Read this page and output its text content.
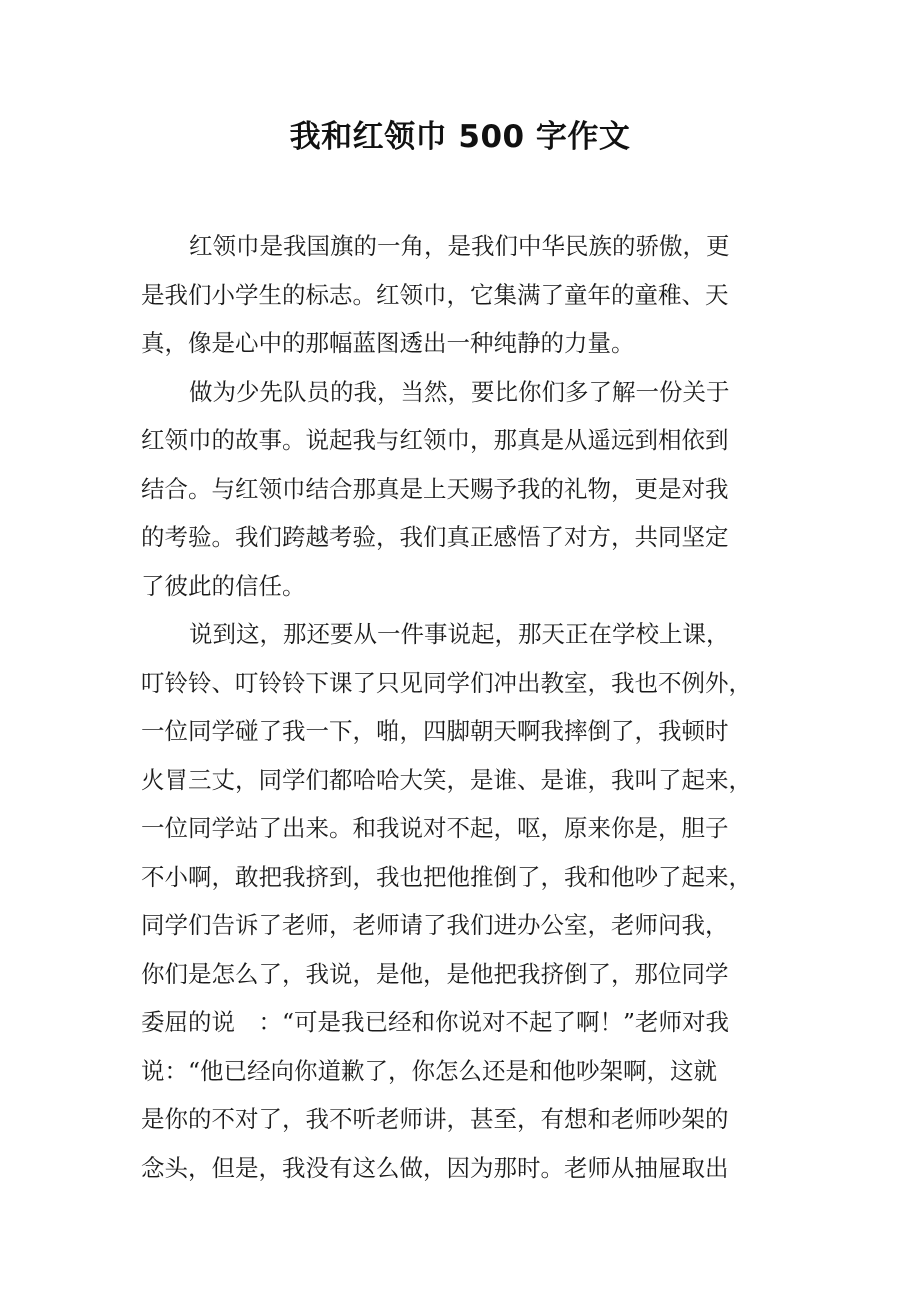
我和红领巾 500 字作文
红领巾是我国旗的一角，是我们中华民族的骄傲，更
是我们小学生的标志。红领巾，它集满了童年的童稚、天
真，像是心中的那幅蓝图透出一种纯静的力量。
做为少先队员的我，当然，要比你们多了解一份关于
红领巾的故事。说起我与红领巾，那真是从遥远到相依到
结合。与红领巾结合那真是上天赐予我的礼物，更是对我
的考验。我们跨越考验，我们真正感悟了对方，共同坚定
了彼此的信任。
说到这，那还要从一件事说起，那天正在学校上课，
叮铃铃、叮铃铃下课了只见同学们冲出教室，我也不例外，
一位同学碰了我一下，啪，四脚朝天啊我摔倒了，我顿时
火冒三丈，同学们都哈哈大笑，是谁、是谁，我叫了起来，
一位同学站了出来。和我说对不起，呕，原来你是，胆子
不小啊，敢把我挤到，我也把他推倒了，我和他吵了起来，
同学们告诉了老师，老师请了我们进办公室，老师问我，
你们是怎么了，我说，是他，是他把我挤倒了，那位同学
委屈的说　：“可是我已经和你说对不起了啊！”老师对我
说：“他已经向你道歉了，你怎么还是和他吵架啊，这就
是你的不对了，我不听老师讲，甚至，有想和老师吵架的
念头，但是，我没有这么做，因为那时。老师从抽屉取出
